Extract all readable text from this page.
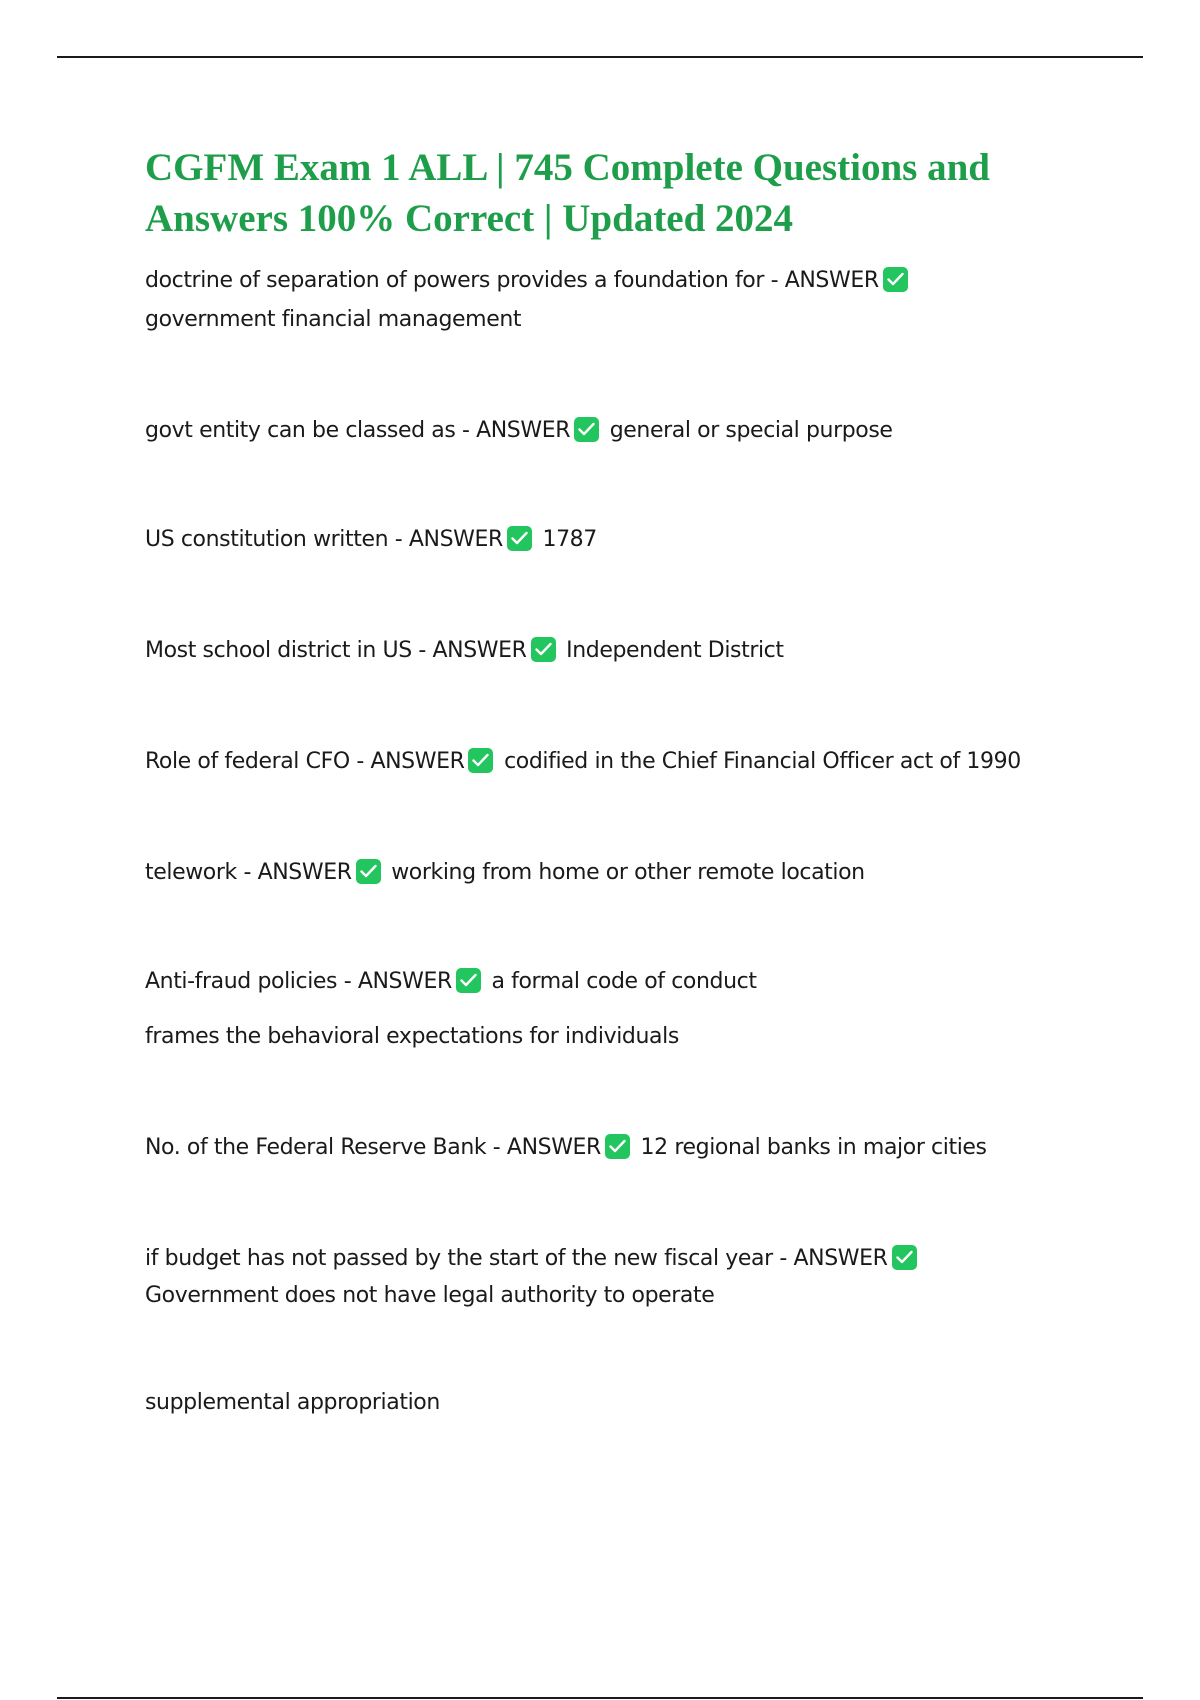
CGFM Exam 1 ALL | 745 Complete Questions and Answers 100% Correct | Updated 2024
doctrine of separation of powers provides a foundation for - ANSWER
government financial management
govt entity can be classed as - ANSWER general or special purpose
US constitution written - ANSWER 1787
Most school district in US - ANSWER Independent District
Role of federal CFO - ANSWER codified in the Chief Financial Officer act of 1990
telework - ANSWER working from home or other remote location
Anti-fraud policies - ANSWER a formal code of conduct
frames the behavioral expectations for individuals
No. of the Federal Reserve Bank - ANSWER 12 regional banks in major cities
if budget has not passed by the start of the new fiscal year - ANSWER
Government does not have legal authority to operate
supplemental appropriation
